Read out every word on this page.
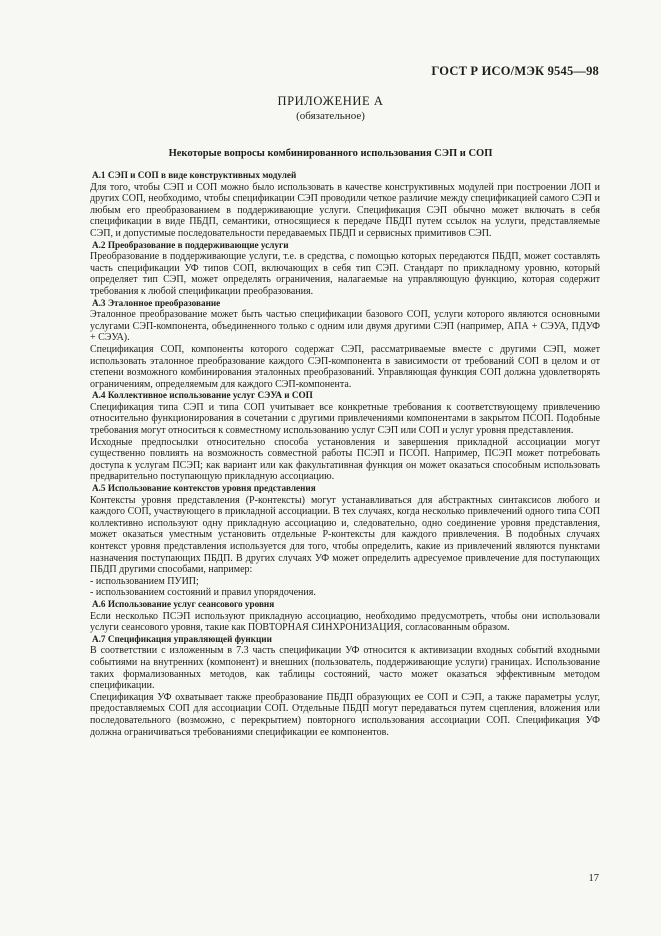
ГОСТ Р ИСО/МЭК 9545—98
ПРИЛОЖЕНИЕ А
(обязательное)
Некоторые вопросы комбинированного использования СЭП и СОП
А.1 СЭП и СОП в виде конструктивных модулей

Для того, чтобы СЭП и СОП можно было использовать в качестве конструктивных модулей при построении ЛОП и других СОП, необходимо, чтобы спецификации СЭП проводили четкое различие между спецификацией самого СЭП и любым его преобразованием в поддерживающие услуги. Спецификация СЭП обычно может включать в себя спецификации в виде ПБДП, семантики, относящиеся к передаче ПБДП путем ссылок на услуги, представляемые СЭП, и допустимые последовательности передаваемых ПБДП и сервисных примитивов СЭП.

А.2 Преобразование в поддерживающие услуги

Преобразование в поддерживающие услуги, т.е. в средства, с помощью которых передаются ПБДП, может составлять часть спецификации УФ типов СОП, включающих в себя тип СЭП. Стандарт по прикладному уровню, который определяет тип СЭП, может определять ограничения, налагаемые на управляющую функцию, которая содержит требования к любой спецификации преобразования.

А.3 Эталонное преобразование

Эталонное преобразование может быть частью спецификации базового СОП, услуги которого являются основными услугами СЭП-компонента, объединенного только с одним или двумя другими СЭП (например, АПА + СЭУА, ПДУФ + СЭУА).

Спецификация СОП, компоненты которого содержат СЭП, рассматриваемые вместе с другими СЭП, может использовать эталонное преобразование каждого СЭП-компонента в зависимости от требований СОП в целом и от степени возможного комбинирования эталонных преобразований. Управляющая функция СОП должна удовлетворять ограничениям, определяемым для каждого СЭП-компонента.

А.4 Коллективное использование услуг СЭУА и СОП

Спецификация типа СЭП и типа СОП учитывает все конкретные требования к соответствующему привлечению относительно функционирования в сочетании с другими привлечениями компонентами в закрытом ПСОП. Подобные требования могут относиться к совместному использованию услуг СЭП или СОП и услуг уровня представления.

Исходные предпосылки относительно способа установления и завершения прикладной ассоциации могут существенно повлиять на возможность совместной работы ПСЭП и ПСОП. Например, ПСЭП может потребовать доступа к услугам ПСЭП; как вариант или как факультативная функция он может оказаться способным использовать предварительно поступающую прикладную ассоциацию.

А.5 Использование контекстов уровня представления

Контексты уровня представления (Р-контексты) могут устанавливаться для абстрактных синтаксисов любого и каждого СОП, участвующего в прикладной ассоциации. В тех случаях, когда несколько привлечений одного типа СОП коллективно используют одну прикладную ассоциацию и, следовательно, одно соединение уровня представления, может оказаться уместным установить отдельные Р-контексты для каждого привлечения. В подобных случаях контекст уровня представления используется для того, чтобы определить, какие из привлечений являются пунктами назначения поступающих ПБДП. В других случаях УФ может определить адресуемое привлечение для поступающих ПБДП другими способами, например:

- использованием ПУИП;

- использованием состояний и правил упорядочения.

А.6 Использование услуг сеансового уровня

Если несколько ПСЭП используют прикладную ассоциацию, необходимо предусмотреть, чтобы они использовали услуги сеансового уровня, такие как ПОВТОРНАЯ СИНХРОНИЗАЦИЯ, согласованным образом.

А.7 Спецификация управляющей функции

В соответствии с изложенным в 7.3 часть спецификации УФ относится к активизации входных событий входными событиями на внутренних (компонент) и внешних (пользователь, поддерживающие услуги) границах. Использование таких формализованных методов, как таблицы состояний, часто может оказаться эффективным методом спецификации.

Спецификация УФ охватывает также преобразование ПБДП образующих ее СОП и СЭП, а также параметры услуг, предоставляемых СОП для ассоциации СОП. Отдельные ПБДП могут передаваться путем сцепления, вложения или последовательного (возможно, с перекрытием) повторного использования ассоциации СОП. Спецификация УФ должна ограничиваться требованиями спецификации ее компонентов.

17
